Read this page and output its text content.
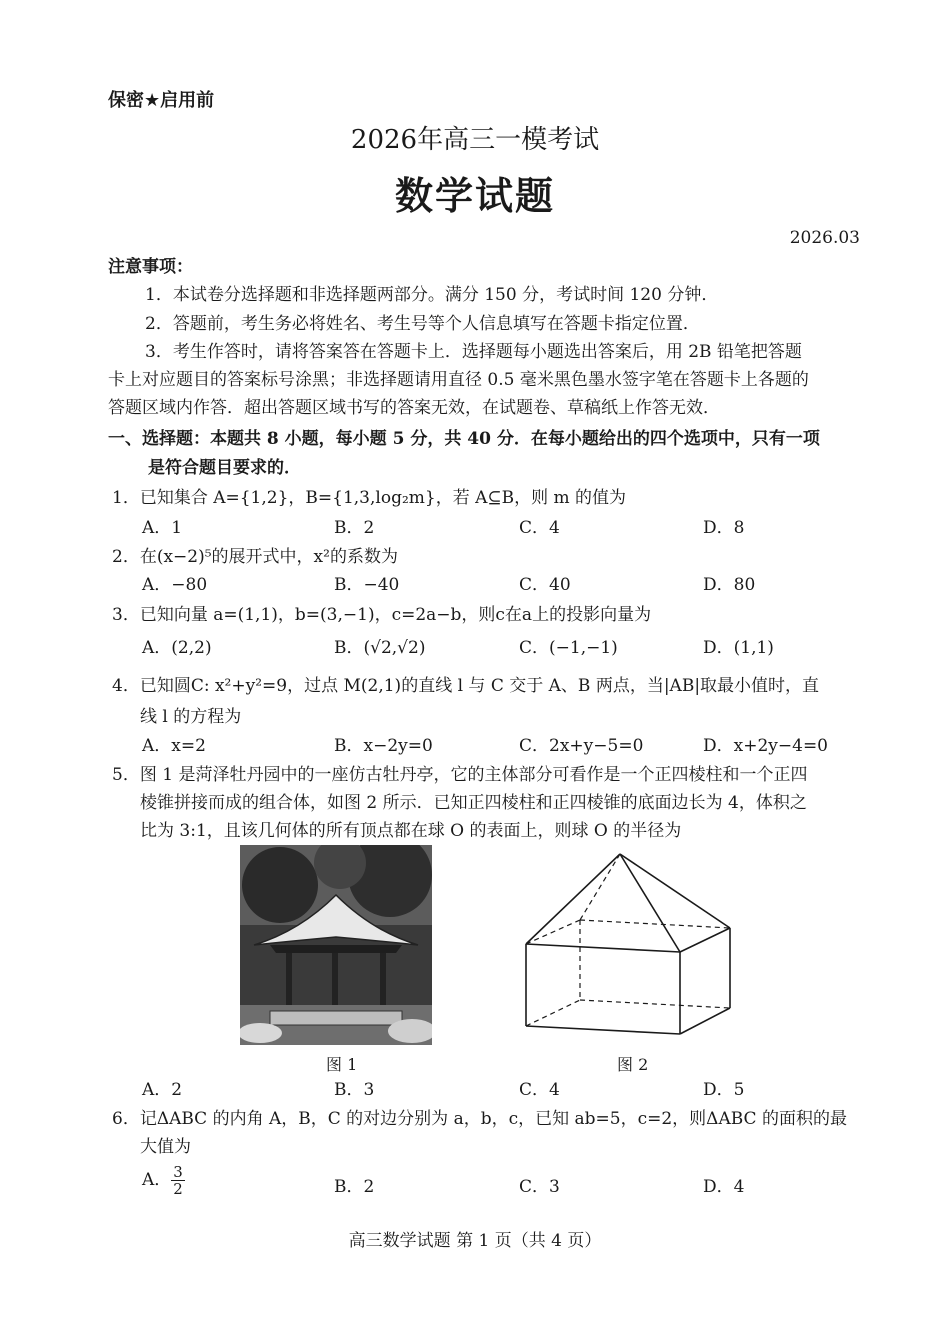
保密★启用前
2026年高三一模考试
数学试题
2026.03
注意事项：
1．本试卷分选择题和非选择题两部分。满分 150 分，考试时间 120 分钟．
2．答题前，考生务必将姓名、考生号等个人信息填写在答题卡指定位置．
3．考生作答时，请将答案答在答题卡上．选择题每小题选出答案后，用 2B 铅笔把答题
卡上对应题目的答案标号涂黑；非选择题请用直径 0.5 毫米黑色墨水签字笔在答题卡上各题的
答题区域内作答．超出答题区域书写的答案无效，在试题卷、草稿纸上作答无效．
一、选择题：本题共 8 小题，每小题 5 分，共 40 分．在每小题给出的四个选项中，只有一项
是符合题目要求的．
1．已知集合 A={1,2}，B={1,3,log₂m}，若 A⊆B，则 m 的值为
A．1	B．2	C．4	D．8
2．在(x−2)⁵的展开式中，x²的系数为
A．−80	B．−40	C．40	D．80
3．已知向量 a=(1,1)，b=(3,−1)，c=2a−b，则c在a上的投影向量为
A．(2,2)	B．(√2,√2)	C．(−1,−1)	D．(1,1)
4．已知圆C: x²+y²=9，过点 M(2,1)的直线 l 与 C 交于 A、B 两点，当|AB|取最小值时，直
线 l 的方程为
A．x=2	B．x−2y=0	C．2x+y−5=0	D．x+2y−4=0
5．图 1 是菏泽牡丹园中的一座仿古牡丹亭，它的主体部分可看作是一个正四棱柱和一个正四
棱锥拼接而成的组合体，如图 2 所示．已知正四棱柱和正四棱锥的底面边长为 4，体积之
比为 3:1，且该几何体的所有顶点都在球 O 的表面上，则球 O 的半径为
图 1	图 2
A．2	B．3	C．4	D．5
6．记ΔABC 的内角 A，B，C 的对边分别为 a，b，c，已知 ab=5，c=2，则ΔABC 的面积的最
大值为
A． $\frac{3}{2}$	B．2	C．3	D．4
高三数学试题 第 1 页（共 4 页）
